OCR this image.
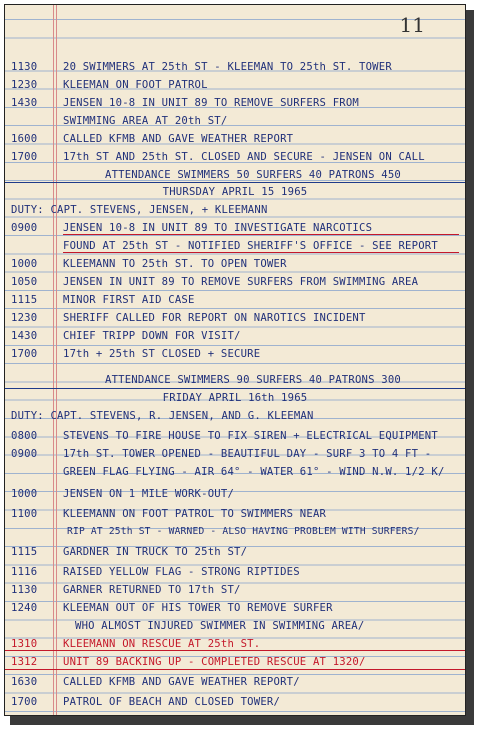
11
1130	20 SWIMMERS AT 25th ST - KLEEMAN TO 25th ST. TOWER
1230	KLEEMAN ON FOOT PATROL
1430	JENSEN 10-8 IN UNIT 89 TO REMOVE SURFERS FROM
SWIMMING AREA AT 20th ST/
1600	CALLED KFMB AND GAVE WEATHER REPORT
1700	17th ST AND 25th ST. CLOSED AND SECURE - JENSEN ON CALL
ATTENDANCE SWIMMERS 50 SURFERS 40 PATRONS 450
THURSDAY APRIL 15 1965
DUTY: CAPT. STEVENS, JENSEN, + KLEEMANN
0900	JENSEN 10-8 IN UNIT 89 TO INVESTIGATE NARCOTICS
FOUND AT 25th ST - NOTIFIED SHERIFF'S OFFICE - SEE REPORT
1000	KLEEMANN TO 25th ST. TO OPEN TOWER
1050	JENSEN IN UNIT 89 TO REMOVE SURFERS FROM SWIMMING AREA
1115	MINOR FIRST AID CASE
1230	SHERIFF CALLED FOR REPORT ON NAROTICS INCIDENT
1430	CHIEF TRIPP DOWN FOR VISIT/
1700	17th + 25th ST CLOSED + SECURE
ATTENDANCE SWIMMERS 90 SURFERS 40 PATRONS 300
FRIDAY APRIL 16th 1965
DUTY: CAPT. STEVENS, R. JENSEN, AND G. KLEEMAN
0800	STEVENS TO FIRE HOUSE TO FIX SIREN + ELECTRICAL EQUIPMENT
0900	17th ST. TOWER OPENED - BEAUTIFUL DAY - SURF 3 TO 4 FT -
GREEN FLAG FLYING - AIR 64° - WATER 61° - WIND N.W. 1/2 K/
1000	JENSEN ON 1 MILE WORK-OUT/
1100	KLEEMANN ON FOOT PATROL TO SWIMMERS NEAR
RIP AT 25th ST - WARNED - ALSO HAVING PROBLEM WITH SURFERS/
1115	GARDNER IN TRUCK TO 25th ST/
1116	RAISED YELLOW FLAG - STRONG RIPTIDES
1130	GARNER RETURNED TO 17th ST/
1240	KLEEMAN OUT OF HIS TOWER TO REMOVE SURFER
WHO ALMOST INJURED SWIMMER IN SWIMMING AREA/
1310	KLEEMANN ON RESCUE AT 25th ST.
1312	UNIT 89 BACKING UP - COMPLETED RESCUE AT 1320/
1630	CALLED KFMB AND GAVE WEATHER REPORT/
1700	PATROL OF BEACH AND CLOSED TOWER/
